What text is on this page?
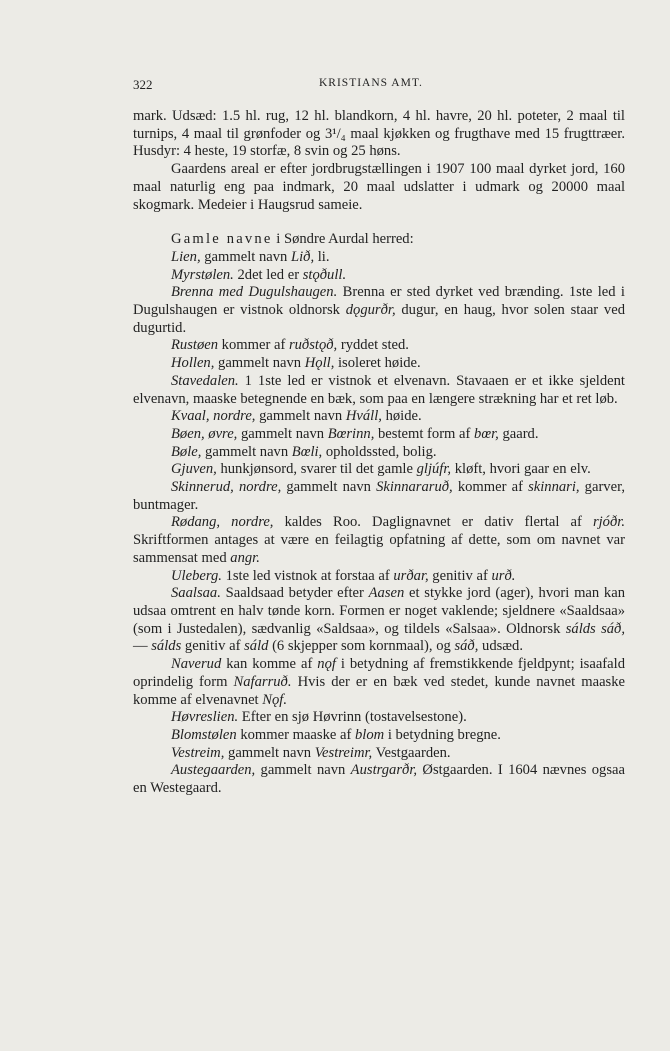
322	KRISTIANS AMT.

mark. Udsæd: 1.5 hl. rug, 12 hl. blandkorn, 4 hl. havre, 20 hl. poteter, 2 maal til turnips, 4 maal til grønfoder og 3¹/₄ maal kjøkken og frugthave med 15 frugttræer. Husdyr: 4 heste, 19 storfæ, 8 svin og 25 høns.

Gaardens areal er efter jordbrugstællingen i 1907 100 maal dyrket jord, 160 maal naturlig eng paa indmark, 20 maal udslatter i udmark og 20000 maal skogmark. Medeier i Haugsrud sameie.

Gamle navne i Søndre Aurdal herred:

Lien, gammelt navn Lið, li.

Myrstølen. 2det led er stǫðull.

Brenna med Dugulshaugen. Brenna er sted dyrket ved brænding. 1ste led i Dugulshaugen er vistnok oldnorsk dǫgurðr, dugur, en haug, hvor solen staar ved dugurtid.

Rustøen kommer af ruðstǫð, ryddet sted.

Hollen, gammelt navn Hǫll, isoleret høide.

Stavedalen. 1 1ste led er vistnok et elvenavn. Stavaaen er et ikke sjeldent elvenavn, maaske betegnende en bæk, som paa en længere strækning har et ret løb.

Kvaal, nordre, gammelt navn Hváll, høide.

Bøen, øvre, gammelt navn Bœrinn, bestemt form af bœr, gaard.

Bøle, gammelt navn Bœli, opholdssted, bolig.

Gjuven, hunkjønsord, svarer til det gamle gljúfr, kløft, hvori gaar en elv.

Skinnerud, nordre, gammelt navn Skinnararuð, kommer af skinnari, garver, buntmager.

Rødang, nordre, kaldes Roo. Daglignavnet er dativ flertal af rjóðr. Skriftformen antages at være en feilagtig opfatning af dette, som om navnet var sammensat med angr.

Uleberg. 1ste led vistnok at forstaa af urðar, genitiv af urð.

Saalsaa. Saaldsaad betyder efter Aasen et stykke jord (ager), hvori man kan udsaa omtrent en halv tønde korn. Formen er noget vaklende; sjeldnere «Saaldsaa» (som i Justedalen), sædvanlig «Saldsaa», og tildels «Salsaa». Oldnorsk sálds sáð, — sálds genitiv af sáld (6 skjepper som kornmaal), og sáð, udsæd.

Naverud kan komme af nǫf i betydning af fremstikkende fjeldpynt; isaafald oprindelig form Nafarruð. Hvis der er en bæk ved stedet, kunde navnet maaske komme af elvenavnet Nǫf.

Høvreslien. Efter en sjø Høvrinn (tostavelsestone).

Blomstølen kommer maaske af blom i betydning bregne.

Vestreim, gammelt navn Vestreimr, Vestgaarden.

Austegaarden, gammelt navn Austrgarðr, Østgaarden. I 1604 nævnes ogsaa en Westegaard.
